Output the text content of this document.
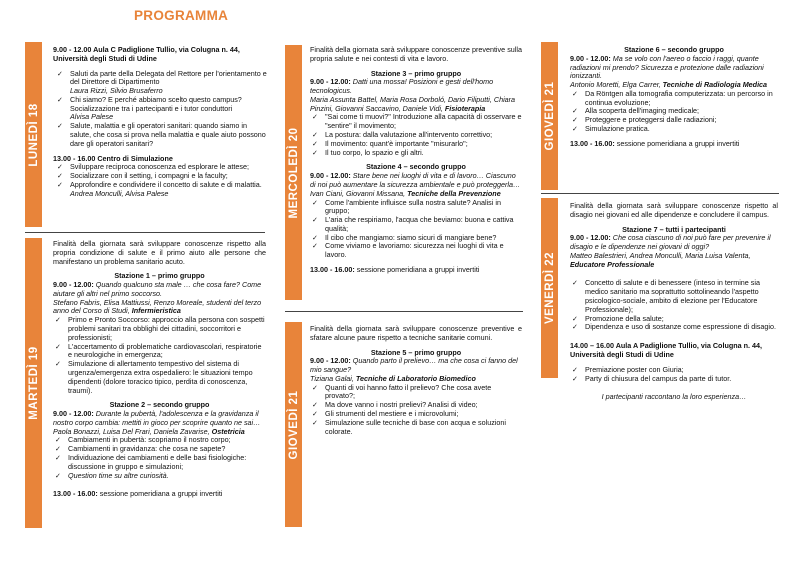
PROGRAMMA
LUNEDÌ 18
MARTEDÌ 19
MERCOLEDÌ 20
GIOVEDÌ 21
GIOVEDÌ 21
VENERDÌ 22

9.00 - 12.00 Aula C Padiglione Tullio, via Colugna n. 44, Università degli Studi di Udine

✓ Saluti da parte della Delegata del Rettore per l'orientamento e del Direttore di Dipartimento
Laura Rizzi, Silvio Brusaferro
✓ Chi siamo? E perché abbiamo scelto questo campus? Socializzazione tra i partecipanti e i tutor conduttori
Alvisa Palese
✓ Salute, malattia e gli operatori sanitari: quando siamo in salute, che cosa si prova nella malattia e quale aiuto possono dare gli operatori sanitari?

13.00 - 16.00 Centro di Simulazione

✓ Sviluppare reciproca conoscenza ed esplorare le attese;
✓ Socializzare con il setting, i compagni e la faculty;
✓ Approfondire e condividere il concetto di salute e di malattia.

Andrea Monculli, Alvisa Palese

Finalità della giornata sarà sviluppare conoscenze rispetto alla propria condizione di salute e il primo aiuto alle persone che manifestano un problema sanitario acuto.

Stazione 1 – primo gruppo

9.00 - 12.00: Quando qualcuno sta male … che cosa fare? Come aiutare gli altri nel primo soccorso.

Stefano Fabris, Elisa Mattiussi, Renzo Moreale, studenti del terzo anno del Corso di Studi, Infermieristica

✓ Primo e Pronto Soccorso: approccio alla persona con sospetti problemi sanitari tra obblighi dei cittadini, soccorritori e professionisti;
✓ L'accertamento di problematiche cardiovascolari, respiratorie e neurologiche in emergenza;
✓ Simulazione di allertamento tempestivo del sistema di urgenza/emergenza extra ospedaliero: le situazioni tempo dipendenti (dolore toracico tipico, perdita di conoscenza, traumi).

Stazione 2 – secondo gruppo

9.00 - 12.00: Durante la pubertà, l'adolescenza e la gravidanza il nostro corpo cambia: mettiti in gioco per scoprire quanto ne sai…

Paola Bonazzi, Luisa Del Frari, Daniela Zavarise, Ostetricia

✓ Cambiamenti in pubertà: scopriamo il nostro corpo;
✓ Cambiamenti in gravidanza: che cosa ne sapete?
✓ Individuazione dei cambiamenti e delle basi fisiologiche: discussione in gruppo e simulazioni;
✓ Question time su altre curiosità.

13.00 - 16.00: sessione pomeridiana a gruppi invertiti

Finalità della giornata sarà sviluppare conoscenze preventive sulla propria salute e nei contesti di vita e lavoro.

Stazione 3 – primo gruppo

9.00 - 12.00: Datti una mossa! Posizioni e gesti dell'homo tecnologicus.

Maria Assunta Battel, Maria Rosa Dorboló, Dario Filiputti, Chiara Pinzini, Giovanni Saccavino, Daniele Vidi, Fisioterapia

✓ "Sai come ti muovi?" Introduzione alla capacità di osservare e "sentire" il movimento;
✓ La postura: dalla valutazione all'intervento correttivo;
✓ Il movimento: quant'è importante "misurarlo";
✓ Il tuo corpo, lo spazio e gli altri.

Stazione 4 – secondo gruppo

9.00 - 12.00: Stare bene nei luoghi di vita e di lavoro… Ciascuno di noi può aumentare la sicurezza ambientale e può proteggerla…

Ivan Ciani, Giovanni Missana, Tecniche della Prevenzione

✓ Come l'ambiente influisce sulla nostra salute? Analisi in gruppo;
✓ L'aria che respiriamo, l'acqua che beviamo: buona e cattiva qualità;
✓ Il cibo che mangiamo: siamo sicuri di mangiare bene?
✓ Come viviamo e lavoriamo: sicurezza nei luoghi di vita e lavoro.

13.00 - 16.00: sessione pomeridiana a gruppi invertiti

Finalità della giornata sarà sviluppare conoscenze preventive e sfatare alcune paure rispetto a tecniche sanitarie comuni.

Stazione 5 – primo gruppo

9.00 - 12.00: Quando parto il prelievo… ma che cosa ci fanno del mio sangue?

Tiziana Galai, Tecniche di Laboratorio Biomedico

✓ Quanti di voi hanno fatto il prelievo? Che cosa avete provato?;
✓ Ma dove vanno i nostri prelievi? Analisi di video;
✓ Gli strumenti del mestiere e i microvolumi;
✓ Simulazione sulle tecniche di base con acqua e soluzioni colorate.

Stazione 6 – secondo gruppo

9.00 - 12.00: Ma se volo con l'aereo o faccio i raggi, quante radiazioni mi prendo? Sicurezza e protezione dalle radiazioni ionizzanti.

Antonio Moretti, Elga Carrer, Tecniche di Radiologia Medica

✓ Da Röntgen alla tomografia computerizzata: un percorso in continua evoluzione;
✓ Alla scoperta dell'imaging medicale;
✓ Proteggere e proteggersi dalle radiazioni;
✓ Simulazione pratica.

13.00 - 16.00: sessione pomeridiana a gruppi invertiti

Finalità della giornata sarà sviluppare conoscenze rispetto al disagio nei giovani ed alle dipendenze e concludere il campus.

Stazione 7 – tutti i partecipanti

9.00 - 12.00: Che cosa ciascuno di noi può fare per prevenire il disagio e le dipendenze nei giovani di oggi?

Matteo Balestrieri, Andrea Monculli, Maria Luisa Valenta, Educatore Professionale

✓ Concetto di salute e di benessere (inteso in termine sia medico sanitario ma soprattutto sottolineando l'aspetto psicologico-sociale, ambito di elezione per l'Educatore Professionale);
✓ Promozione della salute;
✓ Dipendenza e uso di sostanze come espressione di disagio.

14.00 – 16.00 Aula A Padiglione Tullio, via Colugna n. 44, Università degli Studi di Udine

✓ Premiazione poster con Giuria;
✓ Party di chiusura del campus da parte di tutor.

I partecipanti raccontano la loro esperienza…
